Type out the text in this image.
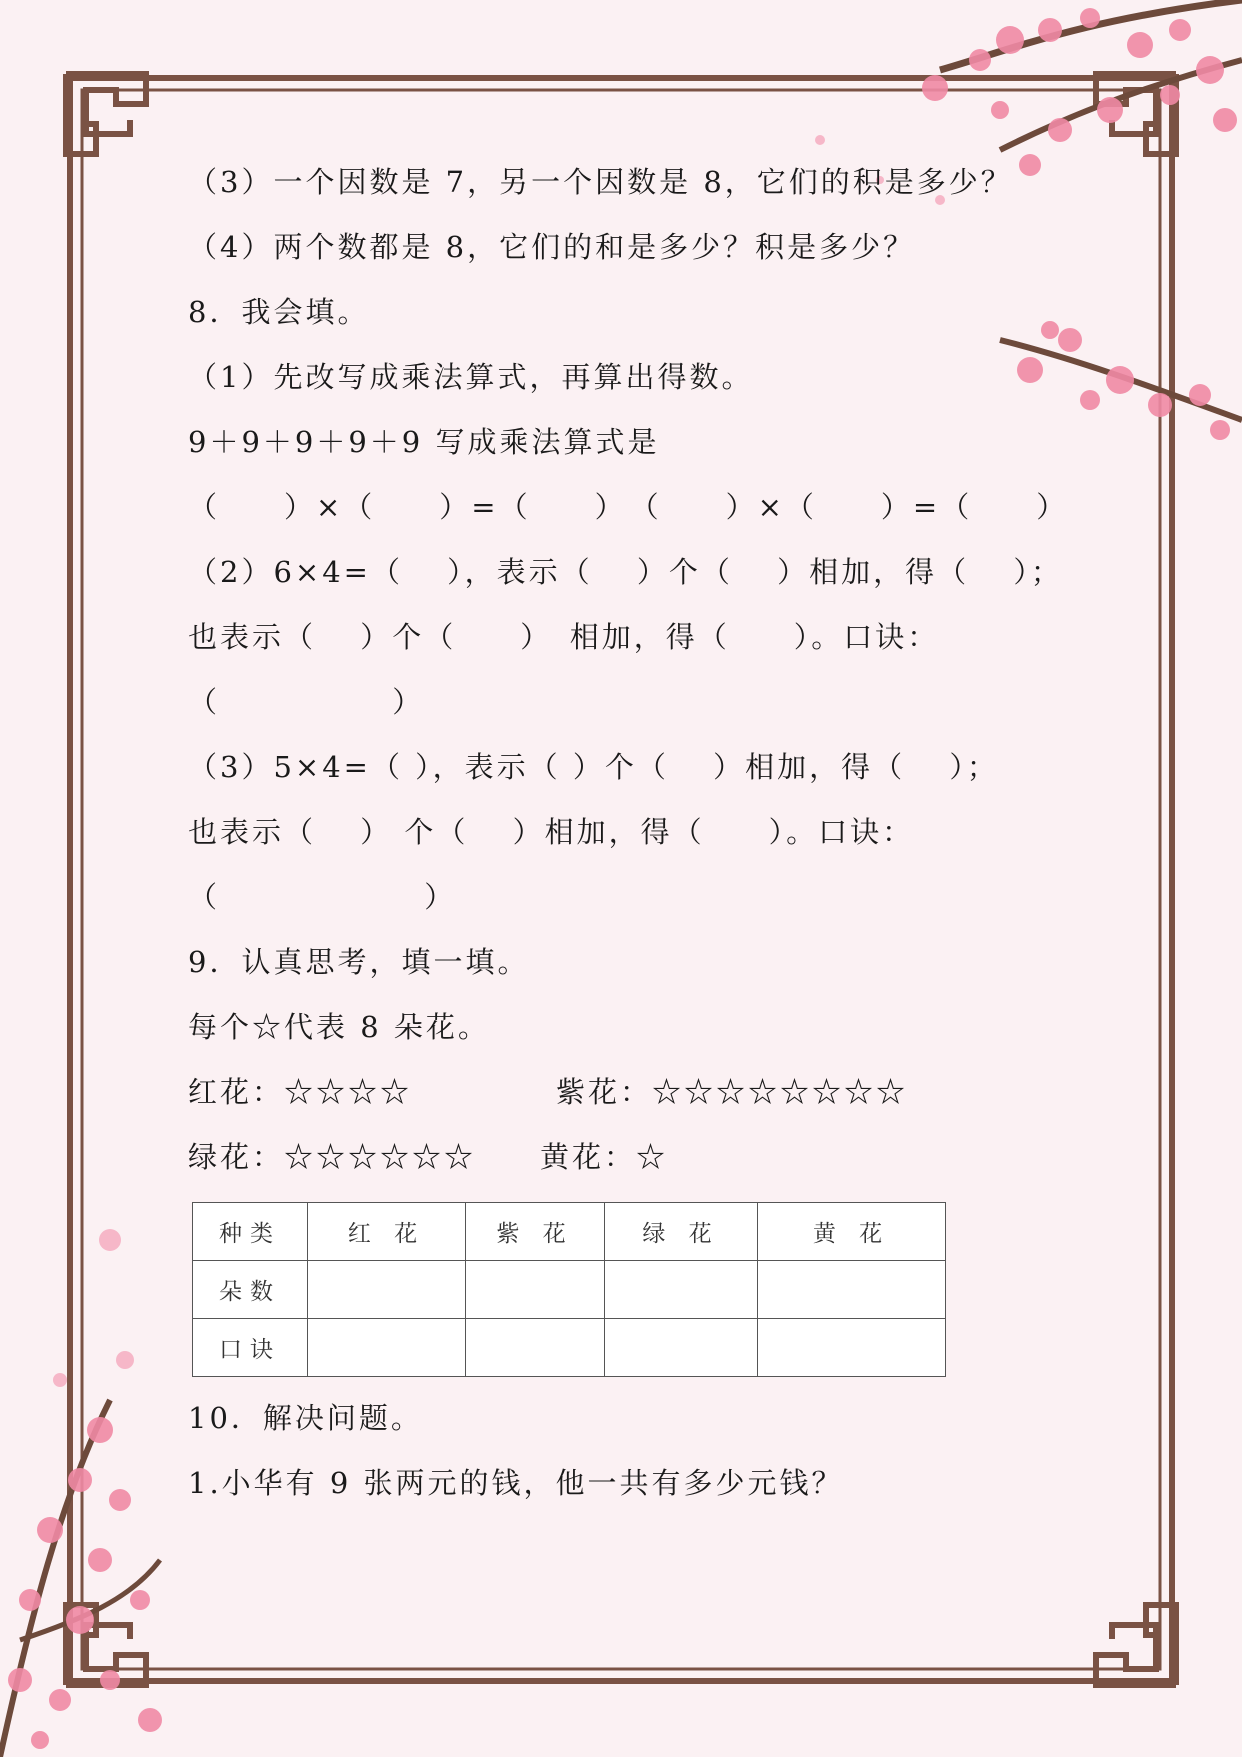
（3）一个因数是 7，另一个因数是 8，它们的积是多少？
（4）两个数都是 8，它们的和是多少？积是多少？
8．我会填。
（1）先改写成乘法算式，再算出得数。
9＋9＋9＋9＋9 写成乘法算式是
（　　）×（　　）=（　　）　（　　）×（　　）=（　　）
（2）6×4=（　 ），表示（　 ）个（　 ）相加，得（　 ）；
也表示（　 ）个（　　）　相加，得（　　）。口诀：
（　　　　　 ）
（3）5×4=（ ），表示（ ）个（　 ）相加，得（　 ）；
也表示（　 ） 个（　 ）相加，得（　　）。口诀：
（　　　　　　 ）
9．认真思考，填一填。
每个☆代表 8 朵花。
红花：☆☆☆☆	紫花：☆☆☆☆☆☆☆☆
绿花：☆☆☆☆☆☆ 黄花：☆
种类	红 花	紫 花	绿 花	黄 花
朵数				
口诀				
10．解决问题。
1.小华有 9 张两元的钱，他一共有多少元钱？
